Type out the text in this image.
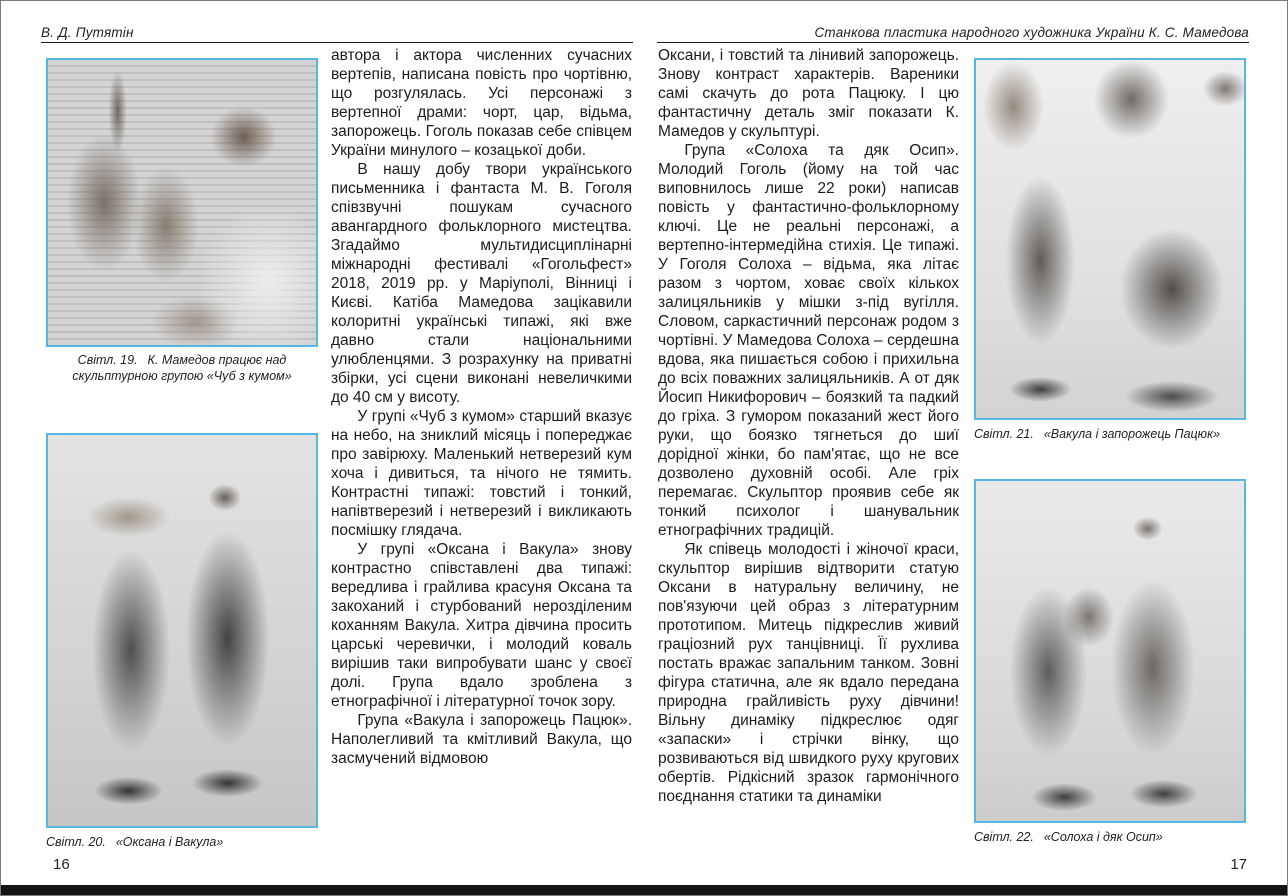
В. Д. Путятін	Станкова пластика народного художника України К. С. Мамедова
Світл. 19. К. Мамедов працює над скульптурною групою «Чуб з кумом»
Світл. 20. «Оксана і Вакула»

автора і актора численних сучасних вертепів, написана повість про чортівню, що розгулялась. Усі персонажі з вертепної драми: чорт, цар, відьма, запорожець. Гоголь показав себе співцем України минулого – козацької доби.

В нашу добу твори українського письменника і фантаста М. В. Гоголя співзвучні пошукам сучасного авангардного фольклорного мистецтва. Згадаймо мультидисциплінарні міжнародні фестивалі «Гогольфест» 2018, 2019 рр. у Маріуполі, Вінниці і Києві. Катіба Мамедова зацікавили колоритні українські типажі, які вже давно стали національними улюбленцями. З розрахунку на приватні збірки, усі сцени виконані невеличкими до 40 см у висоту.

У групі «Чуб з кумом» старший вказує на небо, на зниклий місяць і попереджає про завірюху. Маленький нетверезий кум хоча і дивиться, та нічого не тямить. Контрастні типажі: товстий і тонкий, напівтверезий і нетверезий і викликають посмішку глядача.

У групі «Оксана і Вакула» знову контрастно співставлені два типажі: вередлива і грайлива красуня Оксана та закоханий і стурбований нерозділеним коханням Вакула. Хитра дівчина просить царські черевички, і молодий коваль вирішив таки випробувати шанс у своєї долі. Група вдало зроблена з етнографічної і літературної точок зору.

Група «Вакула і запорожець Пацюк». Наполегливий та кмітливий Вакула, що засмучений відмовою

Оксани, і товстий та лінивий запорожець. Знову контраст характерів. Вареники самі скачуть до рота Пацюку. І цю фантастичну деталь зміг показати К. Мамедов у скульптурі.

Група «Солоха та дяк Осип». Молодий Гоголь (йому на той час виповнилось лише 22 роки) написав повість у фантастично-фольклорному ключі. Це не реальні персонажі, а вертепно-інтермедійна стихія. Це типажі. У Гоголя Солоха – відьма, яка літає разом з чортом, ховає своїх кількох залицяльників у мішки з-під вугілля. Словом, саркастичний персонаж родом з чортівні. У Мамедова Солоха – сердешна вдова, яка пишається собою і прихильна до всіх поважних залицяльників. А от дяк Йосип Никифорович – боязкий та падкий до гріха. З гумором показаний жест його руки, що боязко тягнеться до шиї дорідної жінки, бо пам'ятає, що не все дозволено духовній особі. Але гріх перемагає. Скульптор проявив себе як тонкий психолог і шанувальник етнографічних традицій.

Як співець молодості і жіночої краси, скульптор вирішив відтворити статую Оксани в натуральну величину, не пов'язуючи цей образ з літературним прототипом. Митець підкреслив живий граціозний рух танцівниці. Її рухлива постать вражає запальним танком. Зовні фігура статична, але як вдало передана природна грайливість руху дівчини! Вільну динаміку підкреслює одяг «запаски» і стрічки вінку, що розвиваються від швидкого руху кругових обертів. Рідкісний зразок гармонічного поєднання статики та динаміки

Світл. 21. «Вакула і запорожець Пацюк»
Світл. 22. «Солоха і дяк Осип»
16	17
